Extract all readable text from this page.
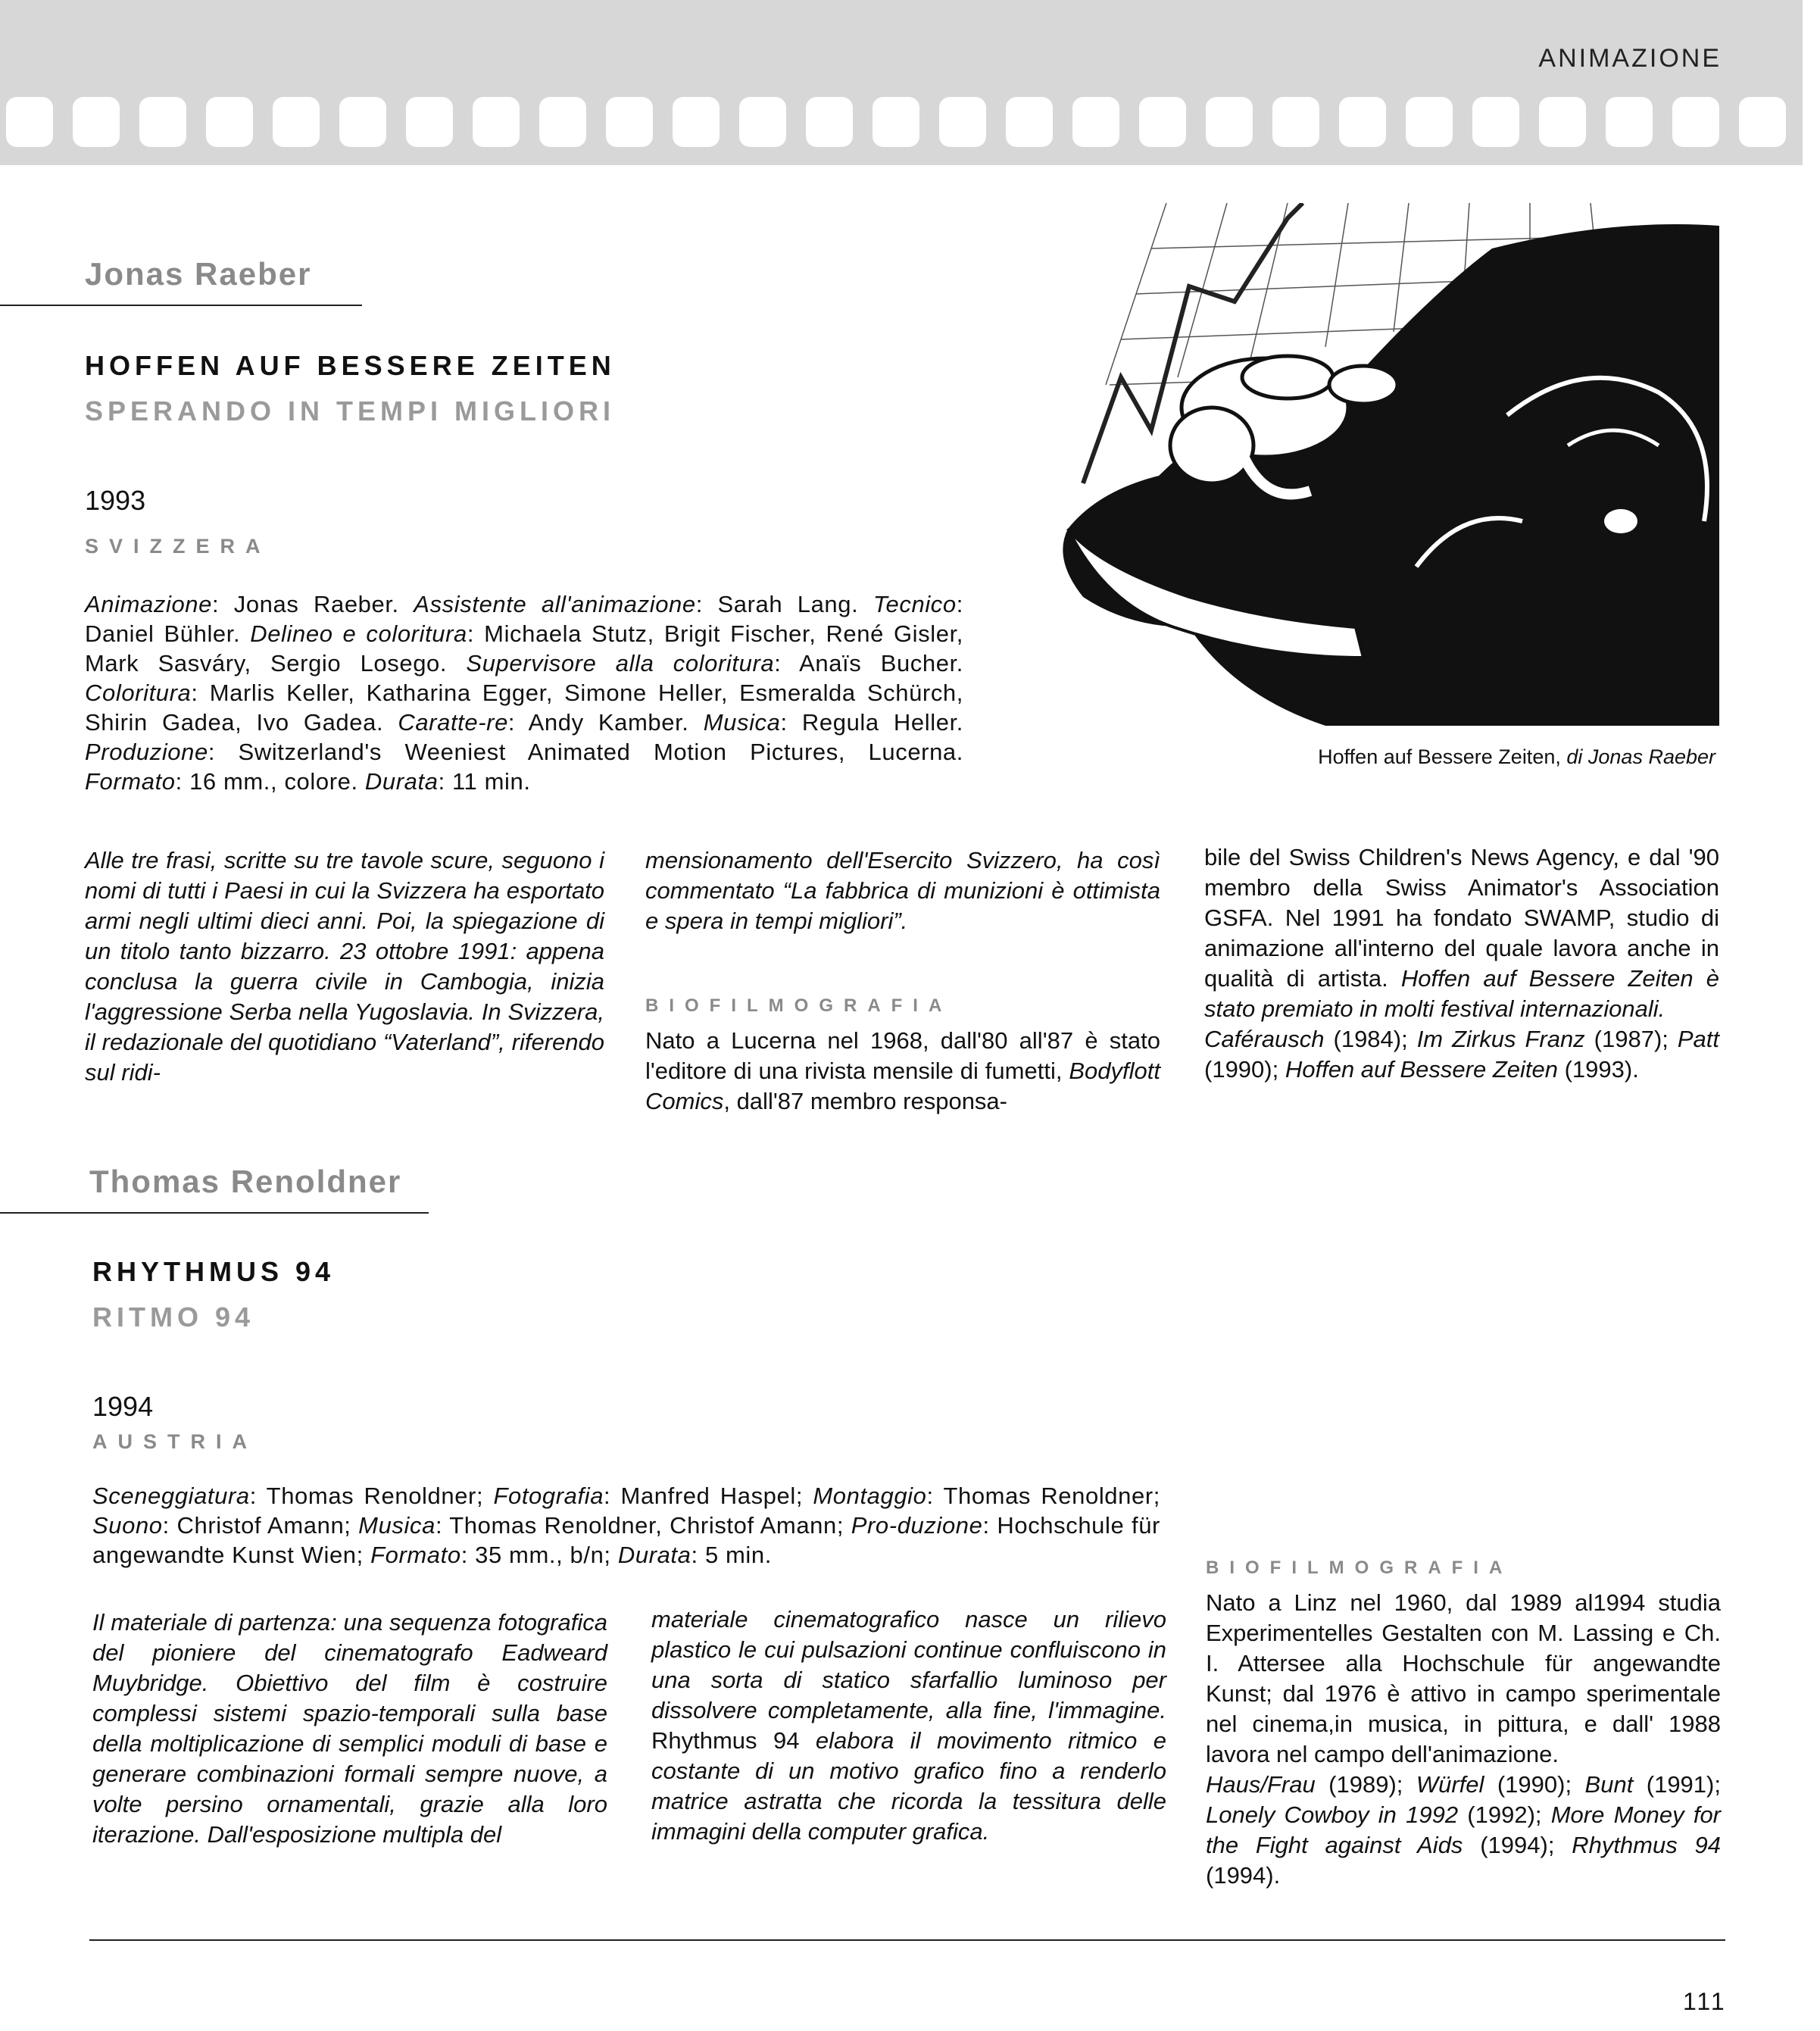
ANIMAZIONE
Jonas Raeber
HOFFEN AUF BESSERE ZEITEN
SPERANDO IN TEMPI MIGLIORI
1993
SVIZZERA
Animazione: Jonas Raeber. Assistente all'animazione: Sarah Lang. Tecnico: Daniel Bühler. Delineo e coloritura: Michaela Stutz, Brigit Fischer, René Gisler, Mark Sasváry, Sergio Losego. Supervisore alla coloritura: Anaïs Bucher. Coloritura: Marlis Keller, Katharina Egger, Simone Heller, Esmeralda Schürch, Shirin Gadea, Ivo Gadea. Caratte-re: Andy Kamber. Musica: Regula Heller. Produzione: Switzerland's Weeniest Animated Motion Pictures, Lucerna. Formato: 16 mm., colore. Durata: 11 min.
Hoffen auf Bessere Zeiten, di Jonas Raeber
Alle tre frasi, scritte su tre tavole scure, seguono i nomi di tutti i Paesi in cui la Svizzera ha esportato armi negli ultimi dieci anni. Poi, la spiegazione di un titolo tanto bizzarro. 23 ottobre 1991: appena conclusa la guerra civile in Cambogia, inizia l'aggressione Serba nella Yugoslavia. In Svizzera, il redazionale del quotidiano “Vaterland”, riferendo sul ridi-
mensionamento dell'Esercito Svizzero, ha così commentato “La fabbrica di munizioni è ottimista e spera in tempi migliori”.
BIOFILMOGRAFIA
Nato a Lucerna nel 1968, dall'80 all'87 è stato l'editore di una rivista mensile di fumetti, Bodyflott Comics, dall'87 membro responsa-
bile del Swiss Children's News Agency, e dal '90 membro della Swiss Animator's Association GSFA. Nel 1991 ha fondato SWAMP, studio di animazione all'interno del quale lavora anche in qualità di artista. Hoffen auf Bessere Zeiten è stato premiato in molti festival internazionali.
Caférausch (1984); Im Zirkus Franz (1987); Patt (1990); Hoffen auf Bessere Zeiten (1993).
Thomas Renoldner
RHYTHMUS 94
RITMO 94
1994
AUSTRIA
Sceneggiatura: Thomas Renoldner; Fotografia: Manfred Haspel; Montaggio: Thomas Renoldner; Suono: Christof Amann; Musica: Thomas Renoldner, Christof Amann; Pro-duzione: Hochschule für angewandte Kunst Wien; Formato: 35 mm., b/n; Durata: 5 min.
Il materiale di partenza: una sequenza fotografica del pioniere del cinematografo Eadweard Muybridge. Obiettivo del film è costruire complessi sistemi spazio-temporali sulla base della moltiplicazione di semplici moduli di base e generare combinazioni formali sempre nuove, a volte persino ornamentali, grazie alla loro iterazione. Dall'esposizione multipla del
materiale cinematografico nasce un rilievo plastico le cui pulsazioni continue confluiscono in una sorta di statico sfarfallio luminoso per dissolvere completamente, alla fine, l'immagine. Rhythmus 94 elabora il movimento ritmico e costante di un motivo grafico fino a renderlo matrice astratta che ricorda la tessitura delle immagini della computer grafica.
BIOFILMOGRAFIA
Nato a Linz nel 1960, dal 1989 al1994 studia Experimentelles Gestalten con M. Lassing e Ch. I. Attersee alla Hochschule für angewandte Kunst; dal 1976 è attivo in campo sperimentale nel cinema,in musica, in pittura, e dall' 1988 lavora nel campo dell'animazione.
Haus/Frau (1989); Würfel (1990); Bunt (1991); Lonely Cowboy in 1992 (1992); More Money for the Fight against Aids (1994); Rhythmus 94 (1994).
111
